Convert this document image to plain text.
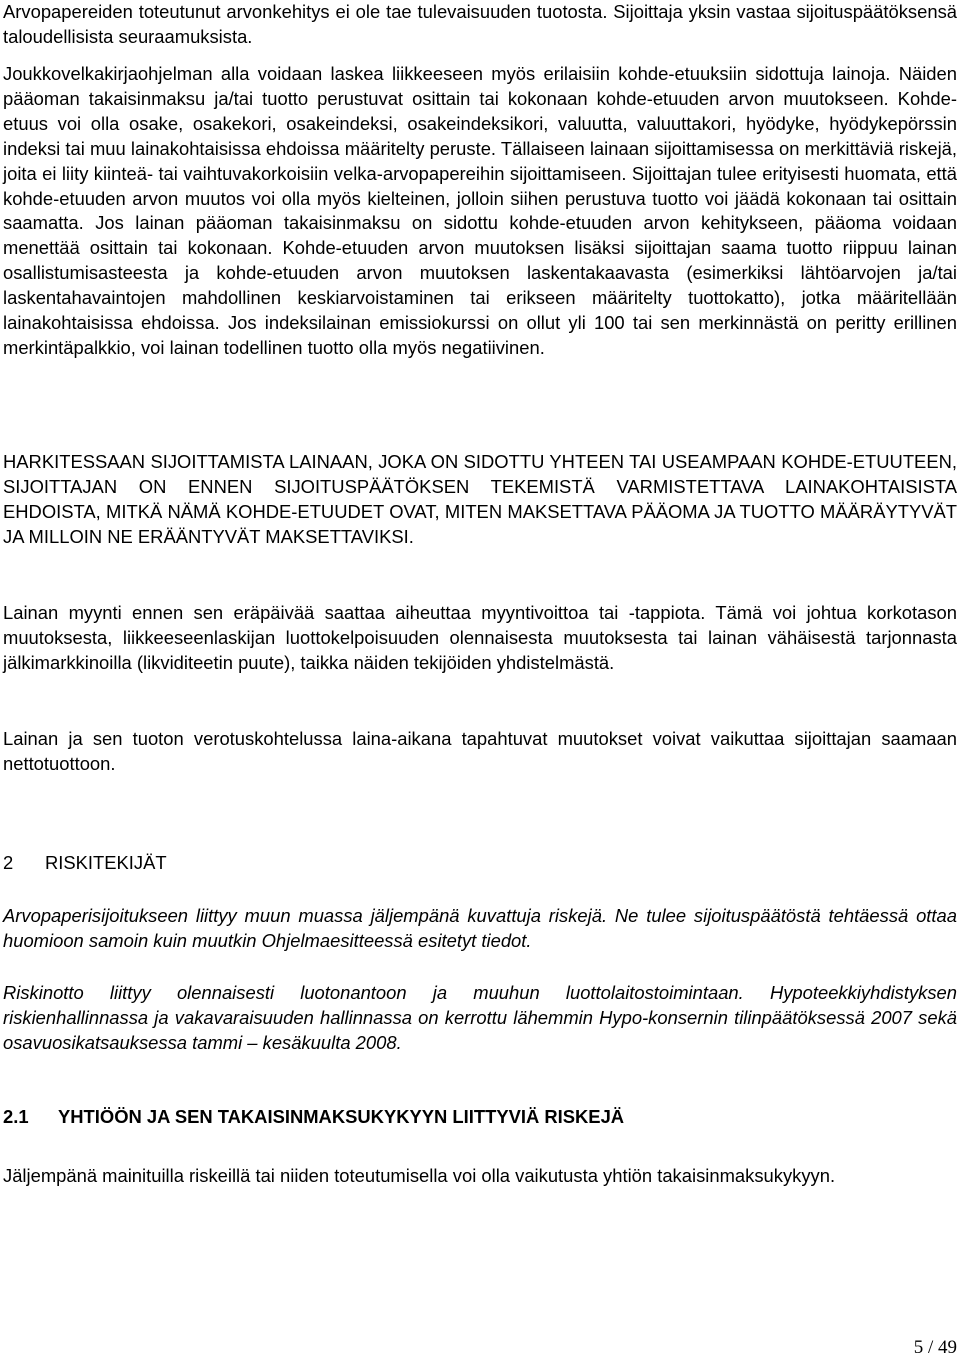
Arvopapereiden toteutunut arvonkehitys ei ole tae tulevaisuuden tuotosta. Sijoittaja yksin vastaa sijoituspäätöksensä taloudellisista seuraamuksista.

Joukkovelkakirjaohjelman alla voidaan laskea liikkeeseen myös erilaisiin kohde-etuuksiin sidottuja lainoja. Näiden pääoman takaisinmaksu ja/tai tuotto perustuvat osittain tai kokonaan kohde-etuuden arvon muutokseen. Kohde-etuus voi olla osake, osakekori, osakeindeksi, osakeindeksikori, valuutta, valuuttakori, hyödyke, hyödykepörssin indeksi tai muu lainakohtaisissa ehdoissa määritelty peruste. Tällaiseen lainaan sijoittamisessa on merkittäviä riskejä, joita ei liity kiinteä- tai vaihtuvakorkoisiin velka-arvopapereihin sijoittamiseen. Sijoittajan tulee erityisesti huomata, että kohde-etuuden arvon muutos voi olla myös kielteinen, jolloin siihen perustuva tuotto voi jäädä kokonaan tai osittain saamatta. Jos lainan pääoman takaisinmaksu on sidottu kohde-etuuden arvon kehitykseen, pääoma voidaan menettää osittain tai kokonaan. Kohde-etuuden arvon muutoksen lisäksi sijoittajan saama tuotto riippuu lainan osallistumisasteesta ja kohde-etuuden arvon muutoksen laskentakaavasta (esimerkiksi lähtöarvojen ja/tai laskentahavaintojen mahdollinen keskiarvoistaminen tai erikseen määritelty tuottokatto), jotka määritellään lainakohtaisissa ehdoissa. Jos indeksilainan emissiokurssi on ollut yli 100 tai sen merkinnästä on peritty erillinen merkintäpalkkio, voi lainan todellinen tuotto olla myös negatiivinen.

HARKITESSAAN SIJOITTAMISTA LAINAAN, JOKA ON SIDOTTU YHTEEN TAI USEAMPAAN KOHDE-ETUUTEEN, SIJOITTAJAN ON ENNEN SIJOITUSPÄÄTÖKSEN TEKEMISTÄ VARMISTETTAVA LAINAKOHTAISISTA EHDOISTA, MITKÄ NÄMÄ KOHDE-ETUUDET OVAT, MITEN MAKSETTAVA PÄÄOMA JA TUOTTO MÄÄRÄYTYVÄT JA MILLOIN NE ERÄÄNTYVÄT MAKSETTAVIKSI.

Lainan myynti ennen sen eräpäivää saattaa aiheuttaa myyntivoittoa tai -tappiota. Tämä voi johtua korkotason muutoksesta, liikkeeseenlaskijan luottokelpoisuuden olennaisesta muutoksesta tai lainan vähäisestä tarjonnasta jälkimarkkinoilla (likviditeetin puute), taikka näiden tekijöiden yhdistelmästä.

Lainan ja sen tuoton verotuskohtelussa laina-aikana tapahtuvat muutokset voivat vaikuttaa sijoittajan saamaan nettotuottoon.

2	RISKITEKIJÄT

Arvopaperisijoitukseen liittyy muun muassa jäljempänä kuvattuja riskejä. Ne tulee sijoituspäätöstä tehtäessä ottaa huomioon samoin kuin muutkin Ohjelmaesitteessä esitetyt tiedot.

Riskinotto liittyy olennaisesti luotonantoon ja muuhun luottolaitostoimintaan. Hypoteekkiyhdistyksen riskienhallinnassa ja vakavaraisuuden hallinnassa on kerrottu lähemmin Hypo-konsernin tilinpäätöksessä 2007 sekä osavuosikatsauksessa tammi – kesäkuulta 2008.

2.1	YHTIÖÖN JA SEN TAKAISINMAKSUKYKYYN LIITTYVIÄ RISKEJÄ

Jäljempänä mainituilla riskeillä tai niiden toteutumisella voi olla vaikutusta yhtiön takaisinmaksukykyyn.

5 / 49
